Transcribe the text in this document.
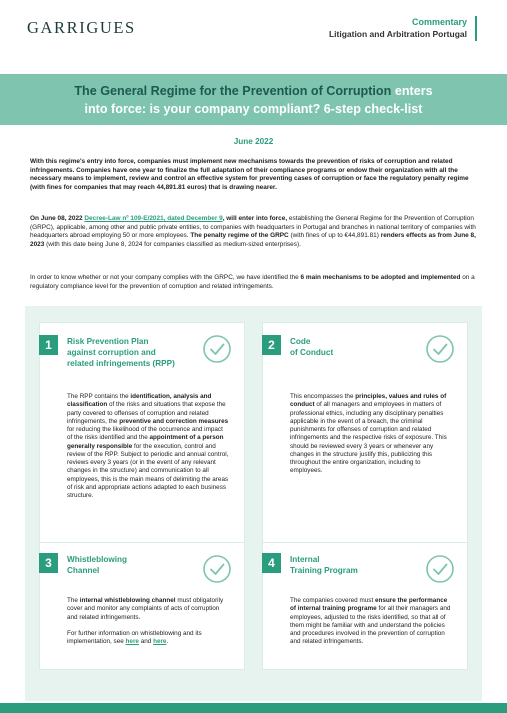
GARRIGUES	Commentary
Litigation and Arbitration Portugal
The General Regime for the Prevention of Corruption enters
into force: is your company compliant? 6-step check-list
June 2022

With this regime's entry into force, companies must implement new mechanisms towards the prevention of risks of corruption and related infringements. Companies have one year to finalize the full adaptation of their compliance programs or endow their organization with all the necessary means to implement, review and control an effective system for preventing cases of corruption or face the regulatory penalty regime (with fines for companies that may reach 44,891.81 euros) that is drawing nearer.

On June 08, 2022 Decree-Law nº 109-E/2021, dated December 9, will enter into force, establishing the General Regime for the Prevention of Corruption (GRPC), applicable, among other and public private entities, to companies with headquarters in Portugal and branches in national territory of companies with headquarters abroad employing 50 or more employees. The penalty regime of the GRPC (with fines of up to €44,891.81) renders effects as from June 8, 2023 (with this date being June 8, 2024 for companies classified as medium-sized enterprises).

In order to know whether or not your company complies with the GRPC, we have identified the 6 main mechanisms to be adopted and implemented on a regulatory compliance level for the prevention of corruption and related infringements.

1	Risk Prevention Plan
against corruption and
related infringements (RPP)

The RPP contains the identification, analysis and classification of the risks and situations that expose the party covered to offenses of corruption and related infringements, the preventive and correction measures for reducing the likelihood of the occurrence and impact of the risks identified and the appointment of a person generally responsible for the execution, control and review of the RPP. Subject to periodic and annual control, reviews every 3 years (or in the event of any relevant changes in the structure) and communication to all employees, this is the main means of delimiting the areas of risk and appropriate actions adapted to each business structure.

2	Code
of Conduct

This encompasses the principles, values and rules of conduct of all managers and employees in matters of professional ethics, including any disciplinary penalties applicable in the event of a breach, the criminal punishments for offenses of corruption and related infringements and the respective risks of exposure. This should be reviewed every 3 years or whenever any changes in the structure justify this, publicizing this throughout the entire organization, including to employees.

3	Whistleblowing
Channel

The internal whistleblowing channel must obligatorily cover and monitor any complaints of acts of corruption and related infringements.

For further information on whistleblowing and its implementation, see here and here.

4	Internal
Training Program

The companies covered must ensure the performance of internal training programe for all their managers and employees, adjusted to the risks identified, so that all of them might be familiar with and understand the policies and procedures involved in the prevention of corruption and related infringements.
